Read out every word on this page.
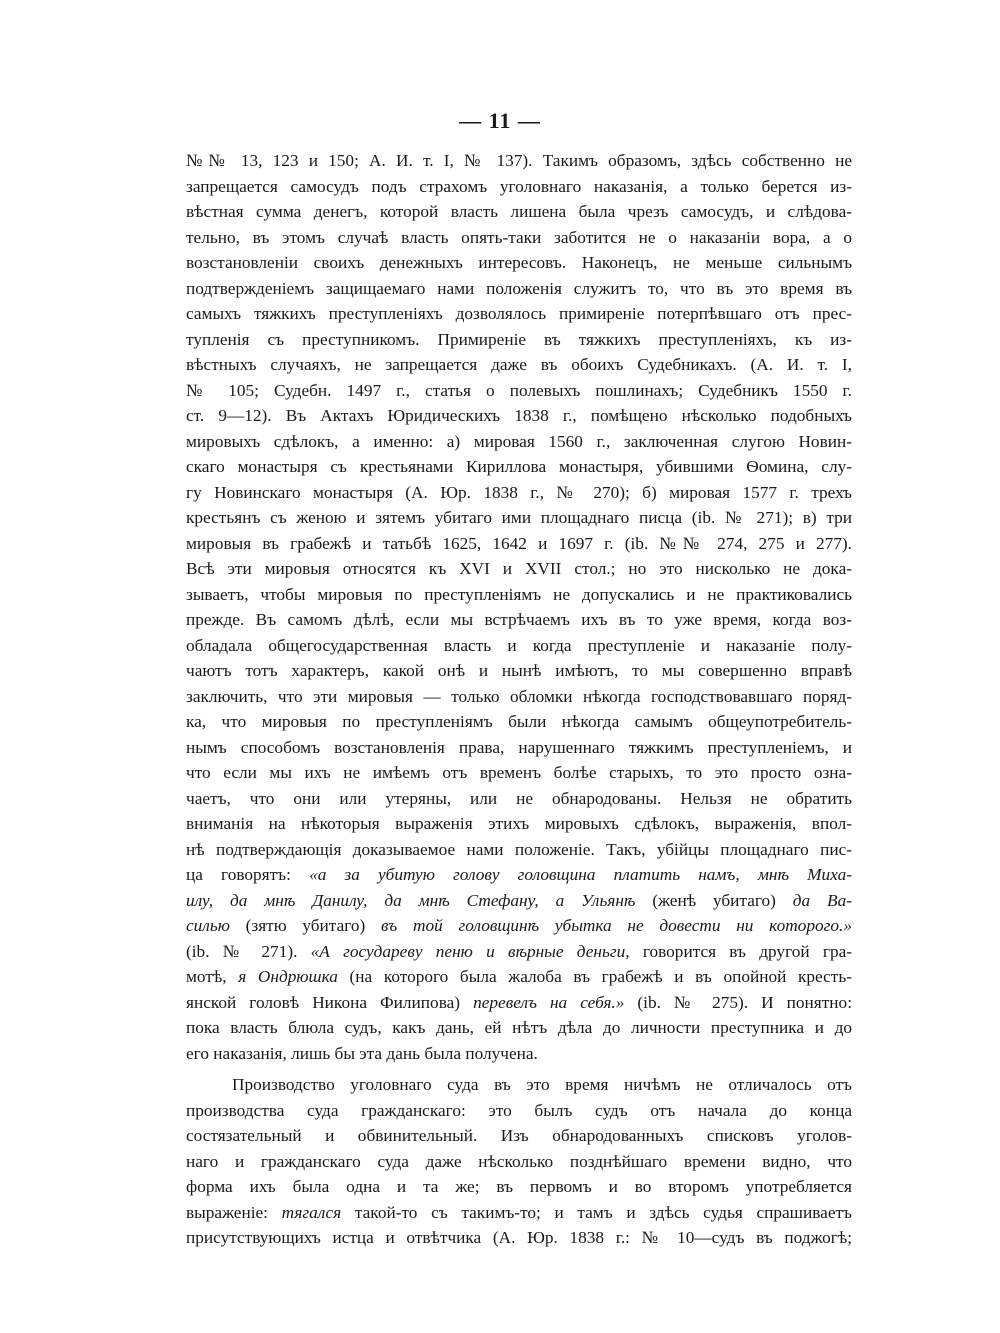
— 11 —
№№ 13, 123 и 150; А. И. т. I, № 137). Такимъ образомъ, здѣсь собственно не
запрещается самосудъ подъ страхомъ уголовнаго наказанія, а только берется из-
вѣстная сумма денегъ, которой власть лишена была чрезъ самосудъ, и слѣдова-
тельно, въ этомъ случаѣ власть опять-таки заботится не о наказаніи вора, а о
возстановленіи своихъ денежныхъ интересовъ. Наконецъ, не меньше сильнымъ
подтвержденіемъ защищаемаго нами положенія служитъ то, что въ это время въ
самыхъ тяжкихъ преступленіяхъ дозволялось примиреніе потерпѣвшаго отъ прес-
тупленія съ преступникомъ. Примиреніе въ тяжкихъ преступленіяхъ, къ из-
вѣстныхъ случаяхъ, не запрещается даже въ обоихъ Судебникахъ. (А. И. т. I,
№ 105; Судебн. 1497 г., статья о полевыхъ пошлинахъ; Судебникъ 1550 г.
ст. 9—12). Въ Актахъ Юридическихъ 1838 г., помѣщено нѣсколько подобныхъ
мировыхъ сдѣлокъ, а именно: а) мировая 1560 г., заключенная слугою Новин-
скаго монастыря съ крестьянами Кириллова монастыря, убившими Ѳомина, слу-
гу Новинскаго монастыря (А. Юр. 1838 г., № 270); б) мировая 1577 г. трехъ
крестьянъ съ женою и зятемъ убитаго ими площаднаго писца (ib. № 271); в) три
мировыя въ грабежѣ и татьбѣ 1625, 1642 и 1697 г. (ib. №№ 274, 275 и 277).
Всѣ эти мировыя относятся къ XVI и XVII стол.; но это нисколько не дока-
зываетъ, чтобы мировыя по преступленіямъ не допускались и не практиковались
прежде. Въ самомъ дѣлѣ, если мы встрѣчаемъ ихъ въ то уже время, когда воз-
обладала общегосударственная власть и когда преступленіе и наказаніе полу-
чаютъ тотъ характеръ, какой онѣ и нынѣ имѣютъ, то мы совершенно вправѣ
заключить, что эти мировыя — только обломки нѣкогда господствовавшаго поряд-
ка, что мировыя по преступленіямъ были нѣкогда самымъ общеупотребитель-
нымъ способомъ возстановленія права, нарушеннаго тяжкимъ преступленіемъ, и
что если мы ихъ не имѣемъ отъ временъ болѣе старыхъ, то это просто озна-
чаетъ, что они или утеряны, или не обнародованы. Нельзя не обратить
вниманія на нѣкоторыя выраженія этихъ мировыхъ сдѣлокъ, выраженія, впол-
нѣ подтверждающія доказываемое нами положеніе. Такъ, убійцы площаднаго пис-
ца говорятъ: «а за убитую голову головщина платить намъ, мнѣ Миха-
илу, да мнѣ Данилу, да мнѣ Стефану, а Ульянѣ (женѣ убитаго) да Ва-
силью (зятю убитаго) въ той головщинѣ убытка не довести ни которого.»
(ib. № 271). «А государеву пеню и вѣрные деньги, говорится въ другой гра-
мотѣ, я Ондрюшка (на которого была жалоба въ грабежѣ и въ опойной кресть-
янской головѣ Никона Филипова) перевелъ на себя.» (ib. № 275). И понятно:
пока власть блюла судъ, какъ дань, ей нѣтъ дѣла до личности преступника и до
его наказанія, лишь бы эта дань была получена.
Производство уголовнаго суда въ это время ничѣмъ не отличалось отъ
производства суда гражданскаго: это былъ судъ отъ начала до конца
состязательный и обвинительный. Изъ обнародованныхъ списковъ уголов-
наго и гражданскаго суда даже нѣсколько позднѣйшаго времени видно, что
форма ихъ была одна и та же; въ первомъ и во второмъ употребляется
выраженіе: тягался такой-то съ такимъ-то; и тамъ и здѣсь судья спрашиваетъ
присутствующихъ истца и отвѣтчика (А. Юр. 1838 г.: № 10—судъ въ поджогѣ;
